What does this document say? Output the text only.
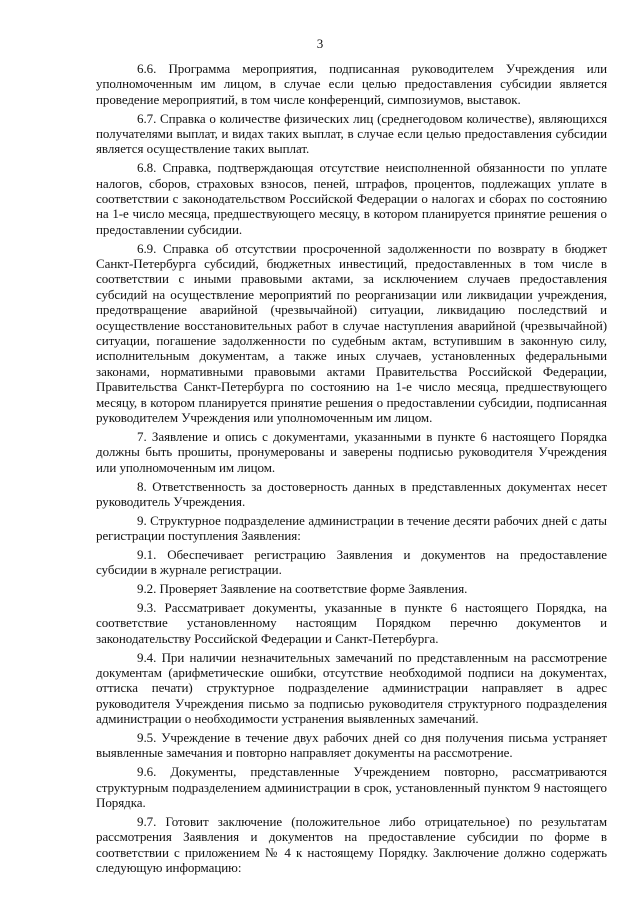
3

6.6. Программа мероприятия, подписанная руководителем Учреждения или уполномоченным им лицом, в случае если целью предоставления субсидии является проведение мероприятий, в том числе конференций, симпозиумов, выставок.

6.7. Справка о количестве физических лиц (среднегодовом количестве), являющихся получателями выплат, и видах таких выплат, в случае если целью предоставления субсидии является осуществление таких выплат.

6.8. Справка, подтверждающая отсутствие неисполненной обязанности по уплате налогов, сборов, страховых взносов, пеней, штрафов, процентов, подлежащих уплате в соответствии с законодательством Российской Федерации о налогах и сборах по состоянию на 1-е число месяца, предшествующего месяцу, в котором планируется принятие решения о предоставлении субсидии.

6.9. Справка об отсутствии просроченной задолженности по возврату в бюджет Санкт-Петербурга субсидий, бюджетных инвестиций, предоставленных в том числе в соответствии с иными правовыми актами, за исключением случаев предоставления субсидий на осуществление мероприятий по реорганизации или ликвидации учреждения, предотвращение аварийной (чрезвычайной) ситуации, ликвидацию последствий и осуществление восстановительных работ в случае наступления аварийной (чрезвычайной) ситуации, погашение задолженности по судебным актам, вступившим в законную силу, исполнительным документам, а также иных случаев, установленных федеральными законами, нормативными правовыми актами Правительства Российской Федерации, Правительства Санкт-Петербурга по состоянию на 1-е число месяца, предшествующего месяцу, в котором планируется принятие решения о предоставлении субсидии, подписанная руководителем Учреждения или уполномоченным им лицом.

7. Заявление и опись с документами, указанными в пункте 6 настоящего Порядка должны быть прошиты, пронумерованы и заверены подписью руководителя Учреждения или уполномоченным им лицом.

8. Ответственность за достоверность данных в представленных документах несет руководитель Учреждения.

9. Структурное подразделение администрации в течение десяти рабочих дней с даты регистрации поступления Заявления:

9.1. Обеспечивает регистрацию Заявления и документов на предоставление субсидии в журнале регистрации.

9.2. Проверяет Заявление на соответствие форме Заявления.

9.3. Рассматривает документы, указанные в пункте 6 настоящего Порядка, на соответствие установленному настоящим Порядком перечню документов и законодательству Российской Федерации и Санкт-Петербурга.

9.4. При наличии незначительных замечаний по представленным на рассмотрение документам (арифметические ошибки, отсутствие необходимой подписи на документах, оттиска печати) структурное подразделение администрации направляет в адрес руководителя Учреждения письмо за подписью руководителя структурного подразделения администрации о необходимости устранения выявленных замечаний.

9.5. Учреждение в течение двух рабочих дней со дня получения письма устраняет выявленные замечания и повторно направляет документы на рассмотрение.

9.6. Документы, представленные Учреждением повторно, рассматриваются структурным подразделением администрации в срок, установленный пунктом 9 настоящего Порядка.

9.7. Готовит заключение (положительное либо отрицательное) по результатам рассмотрения Заявления и документов на предоставление субсидии по форме в соответствии с приложением № 4 к настоящему Порядку. Заключение должно содержать следующую информацию:
